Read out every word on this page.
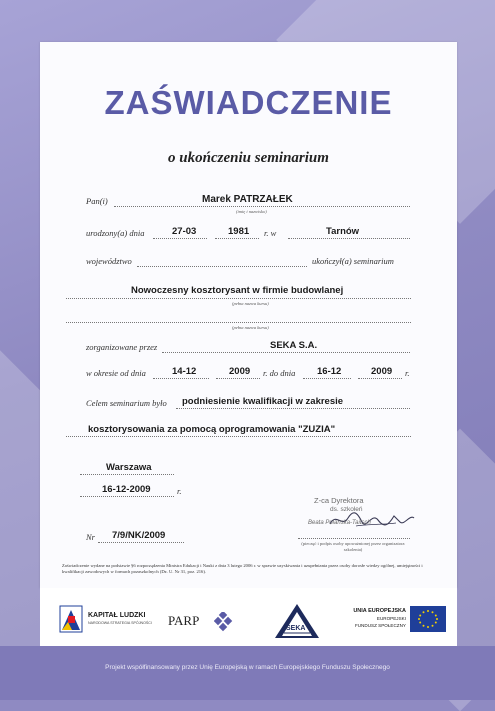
ZAŚWIADCZENIE
o ukończeniu seminarium
Pan(i)	Marek PATRZAŁEK
(imię i nazwisko)
urodzony(a) dnia	27-03	1981 r. w	Tarnów
województwo	ukończył(a) seminarium
Nowoczesny kosztorysant w firmie budowlanej
(pełna nazwa kursu)
(pełna nazwa kursu)
zorganizowane przez	SEKA S.A.
w okresie od dnia	14-12	2009 r. do dnia 16-12	2009 r.
Celem seminarium było podniesienie kwalifikacji w zakresie
kosztorysowania za pomocą oprogramowania "ZUZIA"
Warszawa
16-12-2009	r.
Nr 7/9/NK/2009
Z-ca Dyrektora
ds. szkoleń
Beata Polanska-Taitsch
(pieczęć i podpis osoby upoważnionej przez organizatora szkolenia)
Zaświadczenie wydane na podstawie §6 rozporządzenia Ministra Edukacji i Nauki z dnia 3 lutego 2006 r. w sprawie uzyskiwania i uzupełniania przez osoby dorosłe wiedzy ogólnej, umiejętności i kwalifikacji zawodowych w formach pozaszkolnych (Dz. U. Nr 31, poz. 216).
KAPITAŁ LUDZKI
NARODOWA STRATEGIA SPÓJNOŚCI PARP
SEKA
UNIA EUROPEJSKA
EUROPEJSKI
FUNDUSZ SPOŁECZNY
Projekt współfinansowany przez Unię Europejską w ramach Europejskiego Funduszu Społecznego
